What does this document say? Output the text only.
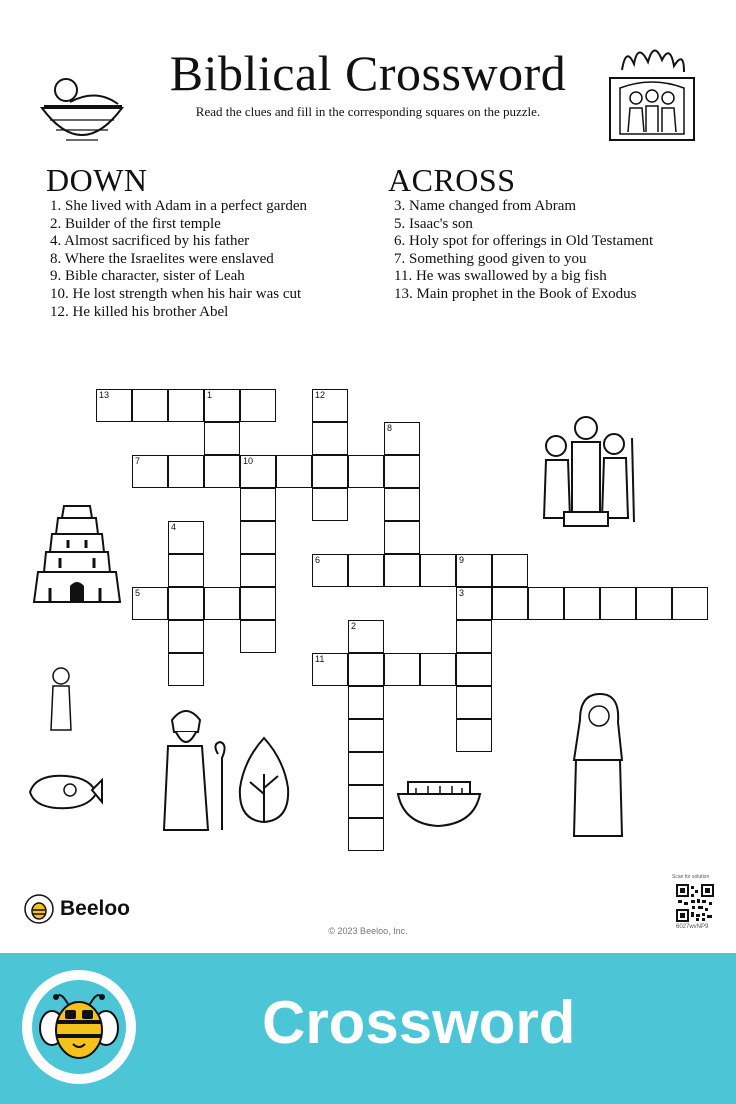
Biblical Crossword
Read the clues and fill in the corresponding squares on the puzzle.
DOWN
1. She lived with Adam in a perfect garden
2. Builder of the first temple
4. Almost sacrificed by his father
8. Where the Israelites were enslaved
9. Bible character, sister of Leah
10. He lost strength when his hair was cut
12. He killed his brother Abel
ACROSS
3. Name changed from Abram
5. Isaac's son
6. Holy spot for offerings in Old Testament
7. Something good given to you
11. He was swallowed by a big fish
13. Main prophet in the Book of Exodus
13	1	12
8
7	10
4
6	9
5	3
2
11
Beeloo
© 2023 Beeloo, Inc.
Scan for solution
6027wvNP9
Crossword
